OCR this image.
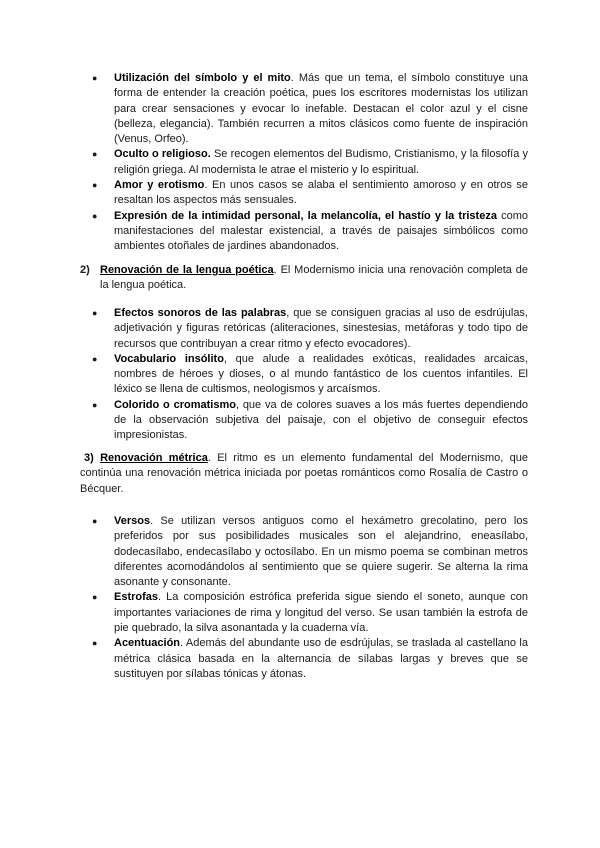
● Utilización del símbolo y el mito. Más que un tema, el símbolo constituye una forma de entender la creación poética, pues los escritores modernistas los utilizan para crear sensaciones y evocar lo inefable. Destacan el color azul y el cisne (belleza, elegancia). También recurren a mitos clásicos como fuente de inspiración (Venus, Orfeo).
● Oculto o religioso. Se recogen elementos del Budismo, Cristianismo, y la filosofía y religión griega. Al modernista le atrae el misterio y lo espiritual.
● Amor y erotismo. En unos casos se alaba el sentimiento amoroso y en otros se resaltan los aspectos más sensuales.
● Expresión de la intimidad personal, la melancolía, el hastío y la tristeza como manifestaciones del malestar existencial, a través de paisajes simbólicos como ambientes otoñales de jardines abandonados.
2) Renovación de la lengua poética. El Modernismo inicia una renovación completa de la lengua poética.
● Efectos sonoros de las palabras, que se consiguen gracias al uso de esdrújulas, adjetivación y figuras retóricas (aliteraciones, sinestesias, metáforas y todo tipo de recursos que contribuyan a crear ritmo y efecto evocadores).
● Vocabulario insólito, que alude a realidades exóticas, realidades arcaicas, nombres de héroes y dioses, o al mundo fantástico de los cuentos infantiles. El léxico se llena de cultismos, neologismos y arcaísmos.
● Colorido o cromatismo, que va de colores suaves a los más fuertes dependiendo de la observación subjetiva del paisaje, con el objetivo de conseguir efectos impresionistas.
3) Renovación métrica. El ritmo es un elemento fundamental del Modernismo, que continúa una renovación métrica iniciada por poetas románticos como Rosalía de Castro o Bécquer.
● Versos. Se utilizan versos antiguos como el hexámetro grecolatino, pero los preferidos por sus posibilidades musicales son el alejandrino, eneasílabo, dodecasílabo, endecasílabo y octosílabo. En un mismo poema se combinan metros diferentes acomodándolos al sentimiento que se quiere sugerir. Se alterna la rima asonante y consonante.
● Estrofas. La composición estrófica preferida sigue siendo el soneto, aunque con importantes variaciones de rima y longitud del verso. Se usan también la estrofa de pie quebrado, la silva asonantada y la cuaderna vía.
● Acentuación. Además del abundante uso de esdrújulas, se traslada al castellano la métrica clásica basada en la alternancia de sílabas largas y breves que se sustituyen por sílabas tónicas y átonas.
